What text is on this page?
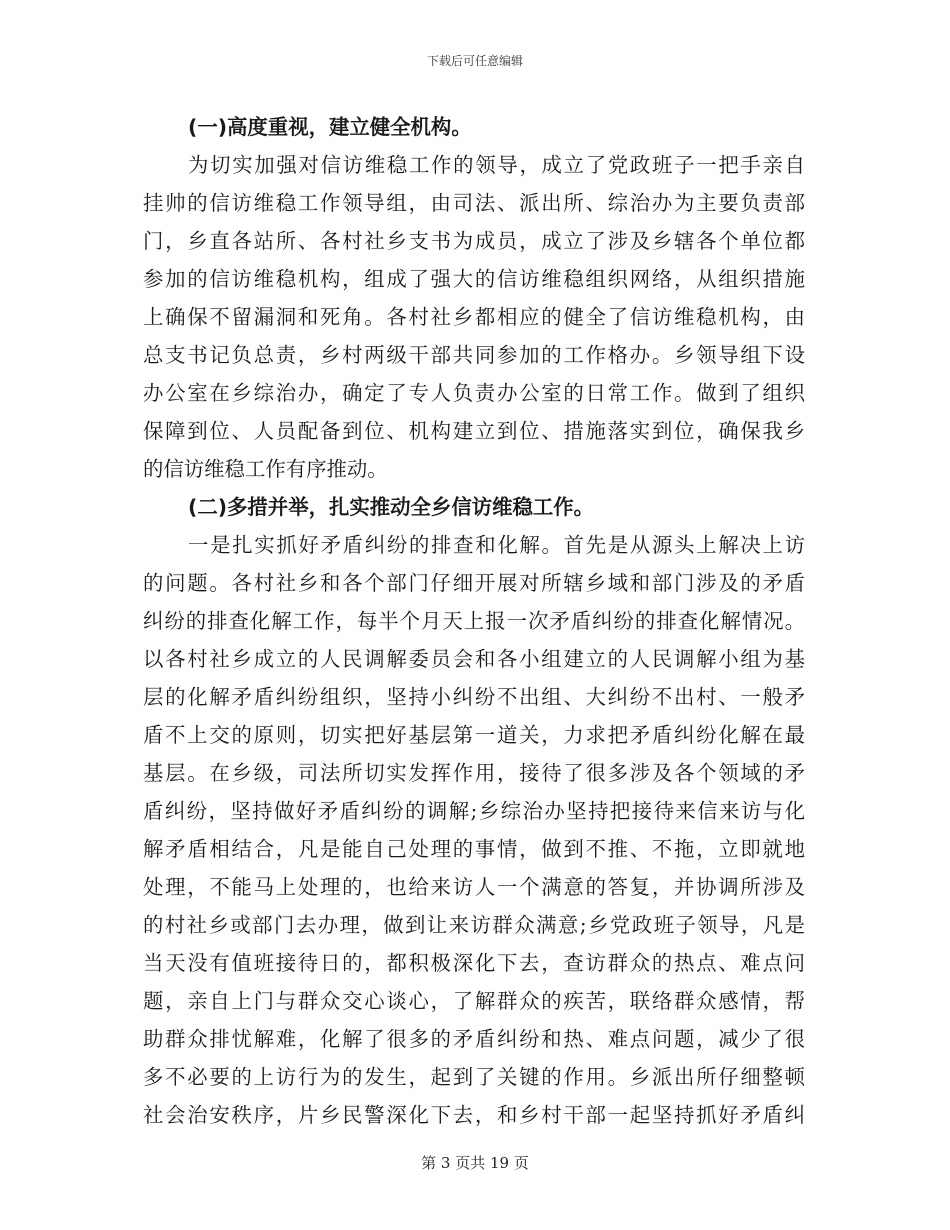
下载后可任意编辑
(一)高度重视，建立健全机构。
为切实加强对信访维稳工作的领导，成立了党政班子一把手亲自
挂帅的信访维稳工作领导组，由司法、派出所、综治办为主要负责部
门，乡直各站所、各村社乡支书为成员，成立了涉及乡辖各个单位都
参加的信访维稳机构，组成了强大的信访维稳组织网络，从组织措施
上确保不留漏洞和死角。各村社乡都相应的健全了信访维稳机构，由
总支书记负总责，乡村两级干部共同参加的工作格办。乡领导组下设
办公室在乡综治办，确定了专人负责办公室的日常工作。做到了组织
保障到位、人员配备到位、机构建立到位、措施落实到位，确保我乡
的信访维稳工作有序推动。
(二)多措并举，扎实推动全乡信访维稳工作。
一是扎实抓好矛盾纠纷的排查和化解。首先是从源头上解决上访
的问题。各村社乡和各个部门仔细开展对所辖乡域和部门涉及的矛盾
纠纷的排查化解工作，每半个月天上报一次矛盾纠纷的排查化解情况。
以各村社乡成立的人民调解委员会和各小组建立的人民调解小组为基
层的化解矛盾纠纷组织，坚持小纠纷不出组、大纠纷不出村、一般矛
盾不上交的原则，切实把好基层第一道关，力求把矛盾纠纷化解在最
基层。在乡级，司法所切实发挥作用，接待了很多涉及各个领域的矛
盾纠纷，坚持做好矛盾纠纷的调解;乡综治办坚持把接待来信来访与化
解矛盾相结合，凡是能自己处理的事情，做到不推、不拖，立即就地
处理，不能马上处理的，也给来访人一个满意的答复，并协调所涉及
的村社乡或部门去办理，做到让来访群众满意;乡党政班子领导，凡是
当天没有值班接待日的，都积极深化下去，查访群众的热点、难点问
题，亲自上门与群众交心谈心，了解群众的疾苦，联络群众感情，帮
助群众排忧解难，化解了很多的矛盾纠纷和热、难点问题，减少了很
多不必要的上访行为的发生，起到了关键的作用。乡派出所仔细整顿
社会治安秩序，片乡民警深化下去，和乡村干部一起坚持抓好矛盾纠
第 3 页共 19 页
